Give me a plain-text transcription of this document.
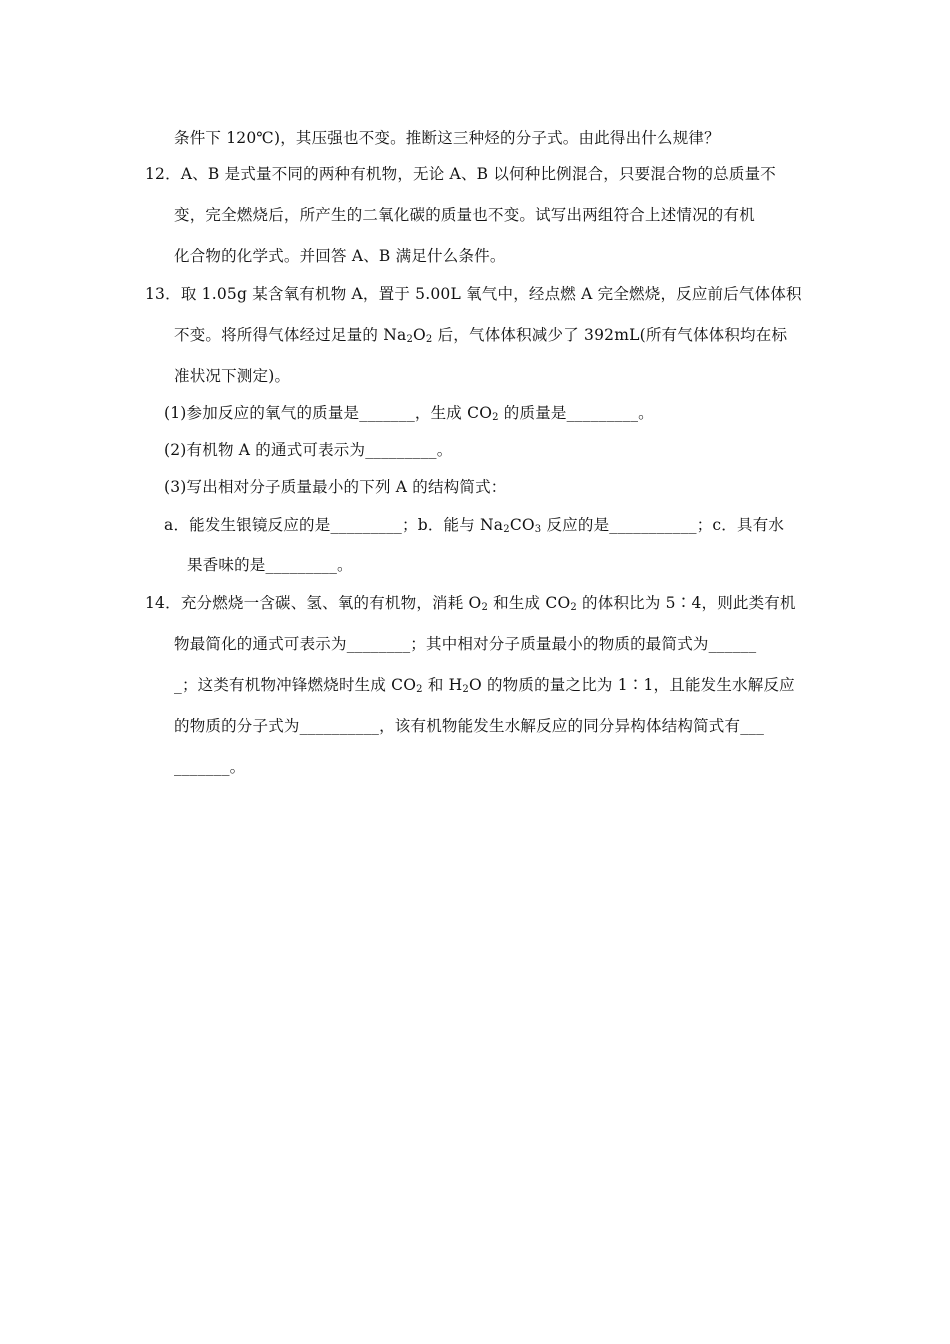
条件下 120℃)，其压强也不变。推断这三种烃的分子式。由此得出什么规律？
12．A、B 是式量不同的两种有机物，无论 A、B 以何种比例混合，只要混合物的总质量不
变，完全燃烧后，所产生的二氧化碳的质量也不变。试写出两组符合上述情况的有机
化合物的化学式。并回答 A、B 满足什么条件。
13．取 1.05g 某含氧有机物 A，置于 5.00L 氧气中，经点燃 A 完全燃烧，反应前后气体体积
不变。将所得气体经过足量的 $Na_2O_2$ 后，气体体积减少了 392mL(所有气体体积均在标
准状况下测定)。
(1)参加反应的氧气的质量是_______，生成 $CO_2$ 的质量是_________。
(2)有机物 A 的通式可表示为_________。
(3)写出相对分子质量最小的下列 A 的结构简式：
a．能发生银镜反应的是_________；b．能与 $Na_2CO_3$ 反应的是___________；c．具有水
果香味的是_________。
14．充分燃烧一含碳、氢、氧的有机物，消耗 $O_2$ 和生成 $CO_2$ 的体积比为 5∶4，则此类有机
物最简化的通式可表示为________；其中相对分子质量最小的物质的最简式为______
_；这类有机物冲锋燃烧时生成 $CO_2$ 和 $H_2O$ 的物质的量之比为 1∶1，且能发生水解反应
的物质的分子式为__________，该有机物能发生水解反应的同分异构体结构简式有___
_______。
